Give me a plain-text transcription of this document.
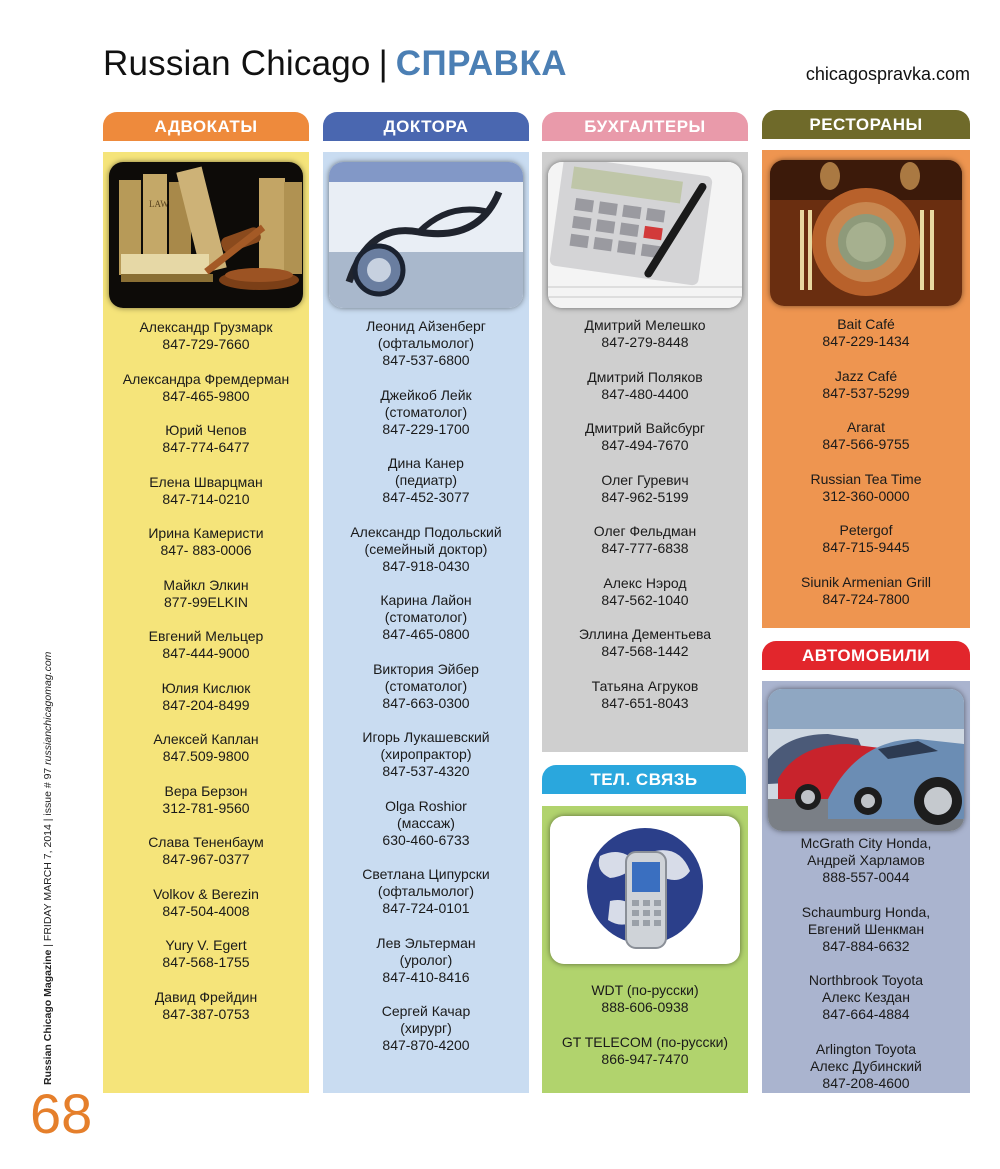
Russian Chicago | СПРАВКА	chicagospravka.com
Russian Chicago Magazine | FRIDAY MARCH 7, 2014 | issue # 97 russianchicagomag.com
68
АДВОКАТЫ
LAW
Александр Грузмарк
847-729-7660
Александра Фремдерман
847-465-9800
Юрий Чепов
847-774-6477
Елена Шварцман
847-714-0210
Ирина Камеристи
847- 883-0006
Майкл Элкин
877-99ELKIN
Евгений Мельцер
847-444-9000
Юлия Кислюк
847-204-8499
Алексей Каплан
847.509-9800
Вера Берзон
312-781-9560
Слава Тененбаум
847-967-0377
Volkov & Berezin
847-504-4008
Yury V. Egert
847-568-1755
Давид Фрейдин
847-387-0753
ДОКТОРА
Леонид Айзенберг
(офтальмолог)
847-537-6800
Джейкоб Лейк
(стоматолог)
847-229-1700
Дина Канер
(педиатр)
847-452-3077
Александр Подольский
(семейный доктор)
847-918-0430
Карина Лайон
(стоматолог)
847-465-0800
Виктория Эйбер
(стоматолог)
847-663-0300
Игорь Лукашевский
(хиропрактор)
847-537-4320
Olga Roshior
(массаж)
630-460-6733
Светлана Ципурски
(офтальмолог)
847-724-0101
Лев Эльтерман
(уролог)
847-410-8416
Сергей Качар
(хирург)
847-870-4200
БУХГАЛТЕРЫ
Дмитрий Мелешко
847-279-8448
Дмитрий Поляков
847-480-4400
Дмитрий Вайсбург
847-494-7670
Олег Гуревич
847-962-5199
Олег Фельдман
847-777-6838
Алекс Нэрод
847-562-1040
Эллина Дементьева
847-568-1442
Татьяна Агруков
847-651-8043
ТЕЛ. СВЯЗЬ
WDT (по-русски)
888-606-0938
GT TELECOM (по-русски)
866-947-7470
РЕСТОРАНЫ
Bait Café
847-229-1434
Jazz Café
847-537-5299
Ararat
847-566-9755
Russian Tea Time
312-360-0000
Petergof
847-715-9445
Siunik Armenian Grill
847-724-7800
АВТОМОБИЛИ
McGrath City Honda,
Андрей Харламов
888-557-0044
Schaumburg Honda,
Евгений Шенкман
847-884-6632
Northbrook Toyota
Алекс Кездан
847-664-4884
Arlington Toyota
Алекс Дубинский
847-208-4600
